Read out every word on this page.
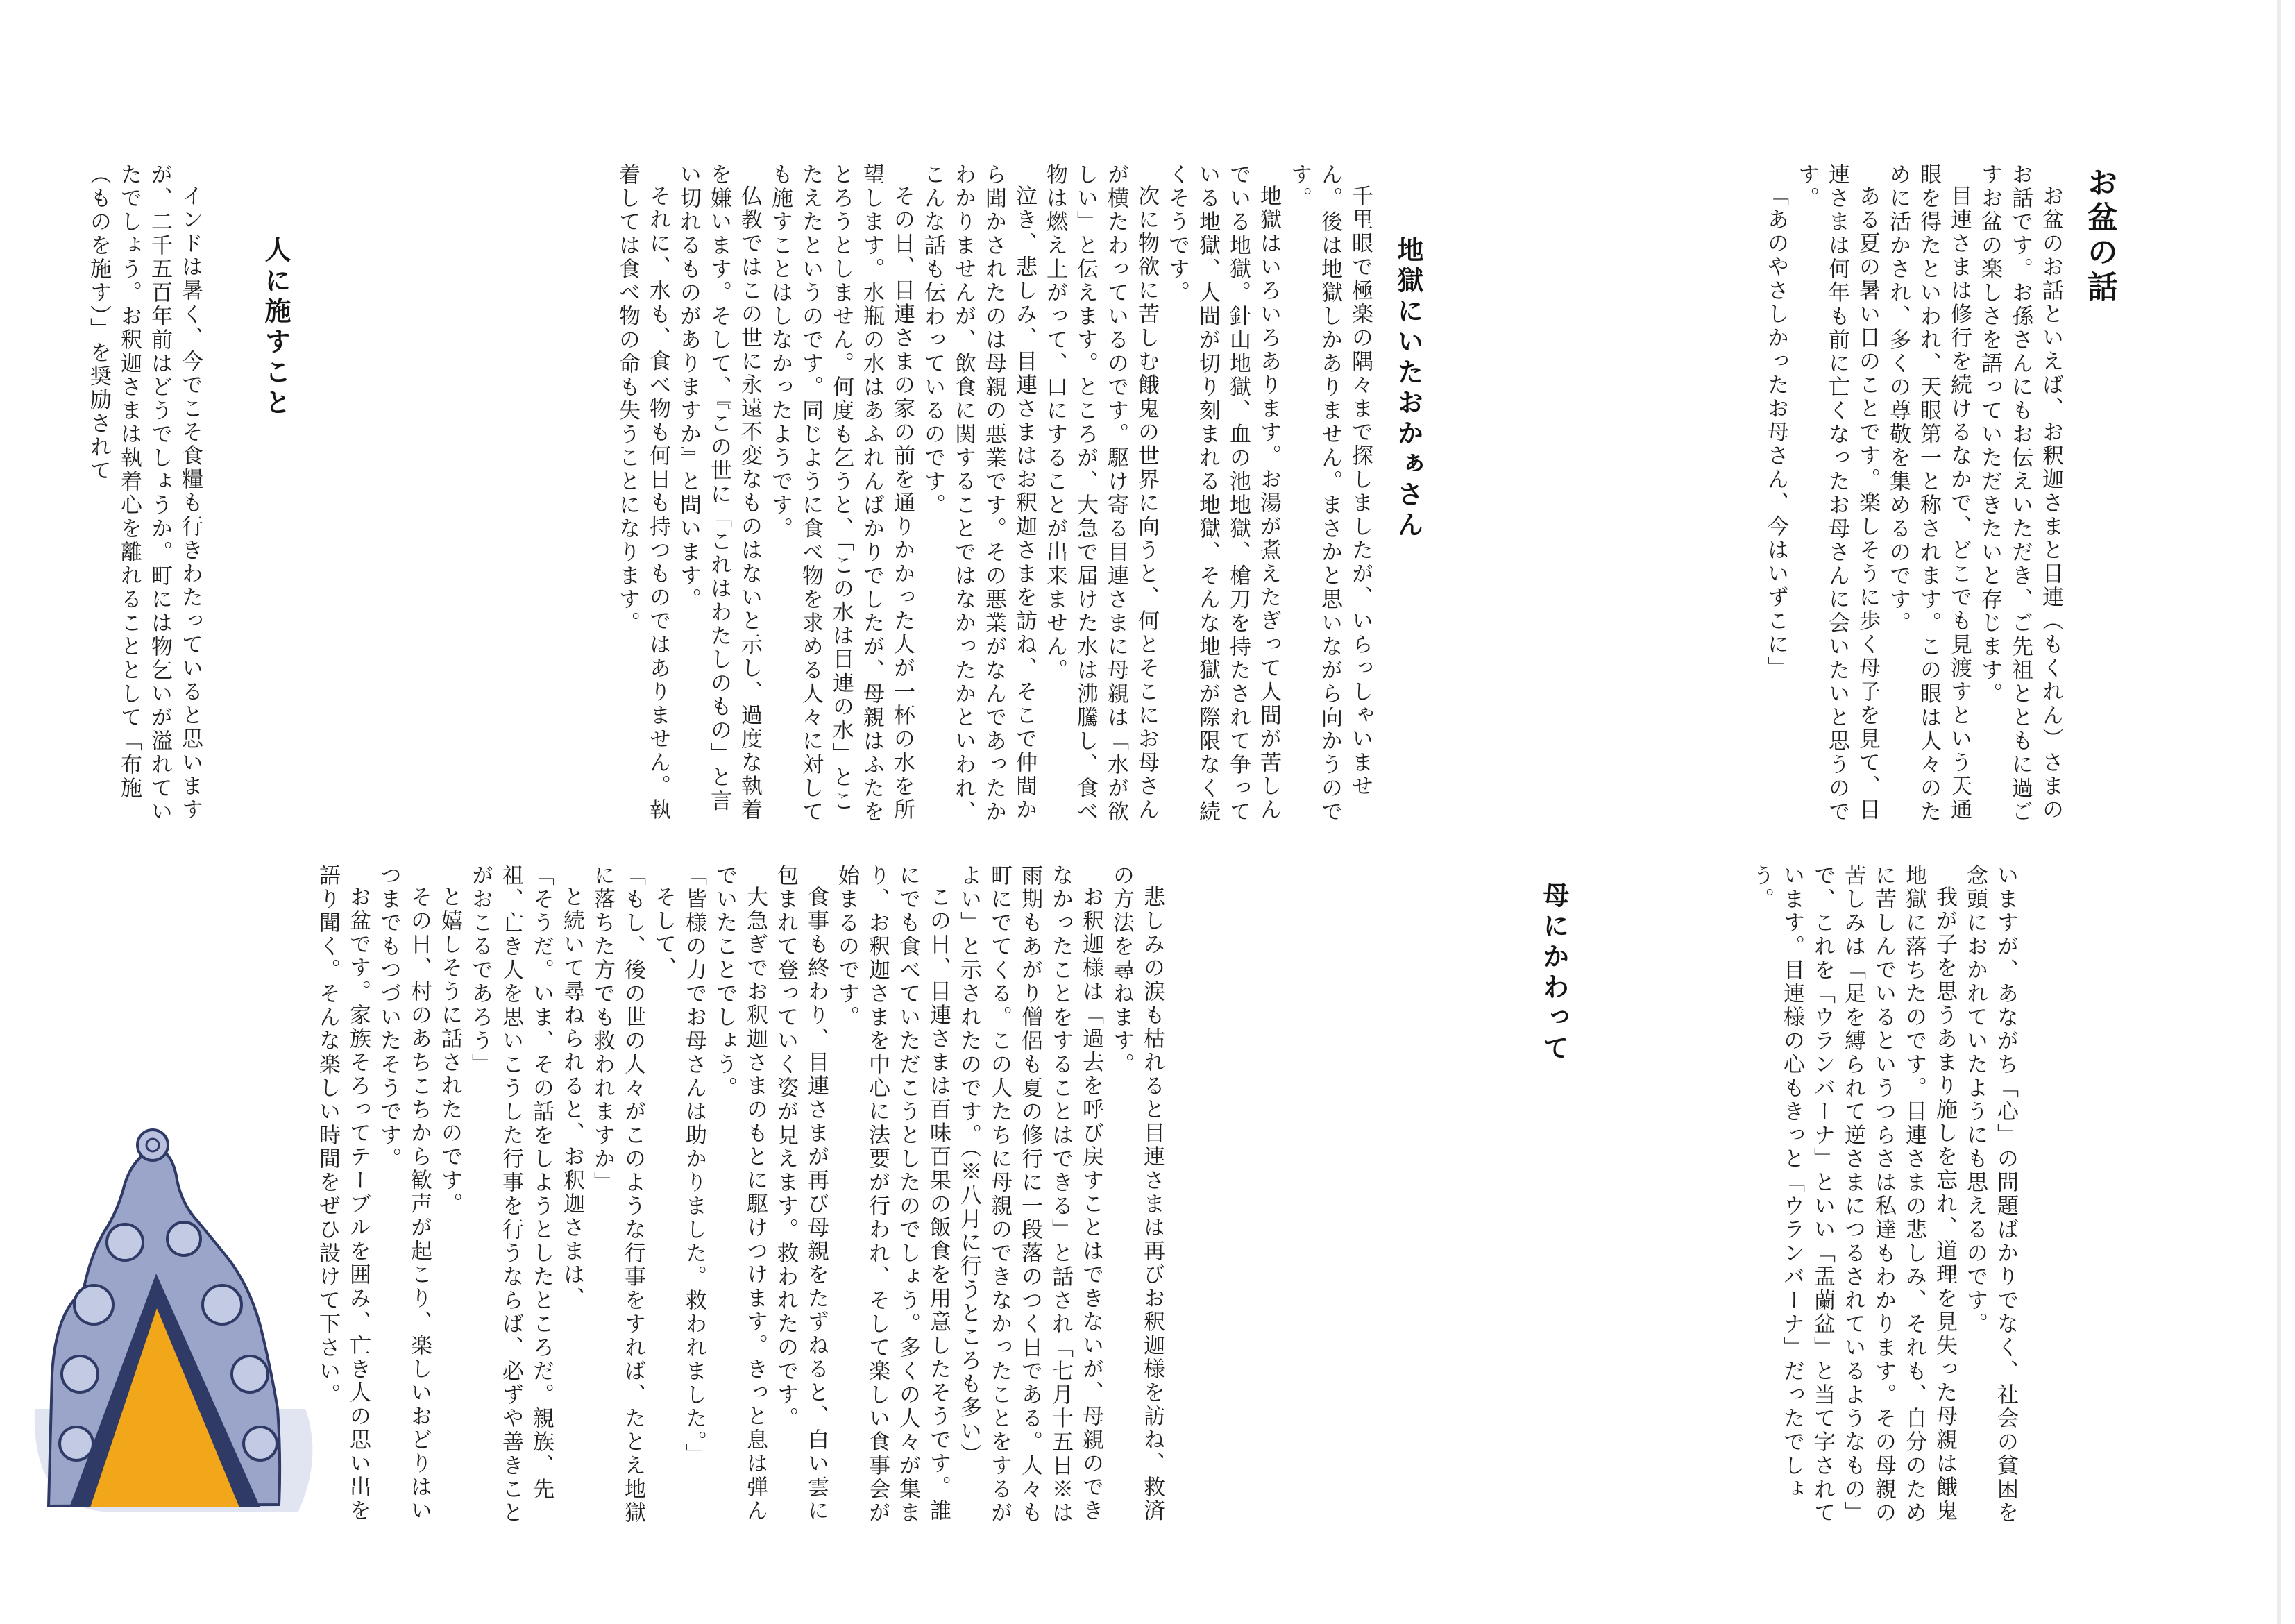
お盆の話

お盆のお話といえば、お釈迦さまと目連（もくれん）さまのお話です。お孫さんにもお伝えいただき、ご先祖とともに過ごすお盆の楽しさを語っていただきたいと存じます。

目連さまは修行を続けるなかで、どこでも見渡すという天通眼を得たといわれ、天眼第一と称されます。この眼は人々のために活かされ、多くの尊敬を集めるのです。

ある夏の暑い日のことです。楽しそうに歩く母子を見て、目連さまは何年も前に亡くなったお母さんに会いたいと思うのです。

「あのやさしかったお母さん、今はいずこに」

地獄にいたおかぁさん

千里眼で極楽の隅々まで探しましたが、いらっしゃいません。後は地獄しかありません。まさかと思いながら向かうのです。

地獄はいろいろあります。お湯が煮えたぎって人間が苦しんでいる地獄。針山地獄、血の池地獄、槍刀を持たされて争っている地獄、人間が切り刻まれる地獄、そんな地獄が際限なく続くそうです。

次に物欲に苦しむ餓鬼の世界に向うと、何とそこにお母さんが横たわっているのです。駆け寄る目連さまに母親は「水が欲しい」と伝えます。ところが、大急で届けた水は沸騰し、食べ物は燃え上がって、口にすることが出来ません。

泣き、悲しみ、目連さまはお釈迦さまを訪ね、そこで仲間から聞かされたのは母親の悪業です。その悪業がなんであったかわかりませんが、飲食に関することではなかったかといわれ、こんな話も伝わっているのです。

その日、目連さまの家の前を通りかかった人が一杯の水を所望します。水瓶の水はあふれんばかりでしたが、母親はふたをとろうとしません。何度も乞うと、「この水は目連の水」とこたえたというのです。同じように食べ物を求める人々に対しても施すことはしなかったようです。

仏教ではこの世に永遠不変なものはないと示し、過度な執着を嫌います。そして、『この世に「これはわたしのもの」と言い切れるものがありますか』と問います。

それに、水も、食べ物も何日も持つものではありません。執着しては食べ物の命も失うことになります。

人に施すこと

インドは暑く、今でこそ食糧も行きわたっていると思いますが、二千五百年前はどうでしょうか。町には物乞いが溢れていたでしょう。お釈迦さまは執着心を離れることとして「布施（ものを施す）」を奨励されて

いますが、あながち「心」の問題ばかりでなく、社会の貧困を念頭におかれていたようにも思えるのです。

我が子を思うあまり施しを忘れ、道理を見失った母親は餓鬼地獄に落ちたのです。目連さまの悲しみ、それも、自分のために苦しんでいるというつらさは私達もわかります。その母親の苦しみは「足を縛られて逆さまにつるされているようなもの」で、これを「ウランバーナ」といい「盂蘭盆」と当て字されています。目連様の心もきっと「ウランバーナ」だったでしょう。

母にかわって

悲しみの涙も枯れると目連さまは再びお釈迦様を訪ね、救済の方法を尋ねます。

お釈迦様は「過去を呼び戻すことはできないが、母親のできなかったことをすることはできる」と話され「七月十五日※は雨期もあがり僧侶も夏の修行に一段落のつく日である。人々も町にでてくる。この人たちに母親のできなかったことをするがよい」と示されたのです。（※八月に行うところも多い）

この日、目連さまは百味百果の飯食を用意したそうです。誰にでも食べていただこうとしたのでしょう。多くの人々が集まり、お釈迦さまを中心に法要が行われ、そして楽しい食事会が始まるのです。

食事も終わり、目連さまが再び母親をたずねると、白い雲に包まれて登っていく姿が見えます。救われたのです。

大急ぎでお釈迦さまのもとに駆けつけます。きっと息は弾んでいたことでしょう。

「皆様の力でお母さんは助かりました。救われました。」

そして、

「もし、後の世の人々がこのような行事をすれば、たとえ地獄に落ちた方でも救われますか」

と続いて尋ねられると、お釈迦さまは、

「そうだ。いま、その話をしようとしたところだ。親族、先祖、亡き人を思いこうした行事を行うならば、必ずや善きことがおこるであろう」

と嬉しそうに話されたのです。

その日、村のあちこちから歓声が起こり、楽しいおどりはいつまでもつづいたそうです。

お盆です。家族そろってテーブルを囲み、亡き人の思い出を語り聞く。そんな楽しい時間をぜひ設けて下さい。
